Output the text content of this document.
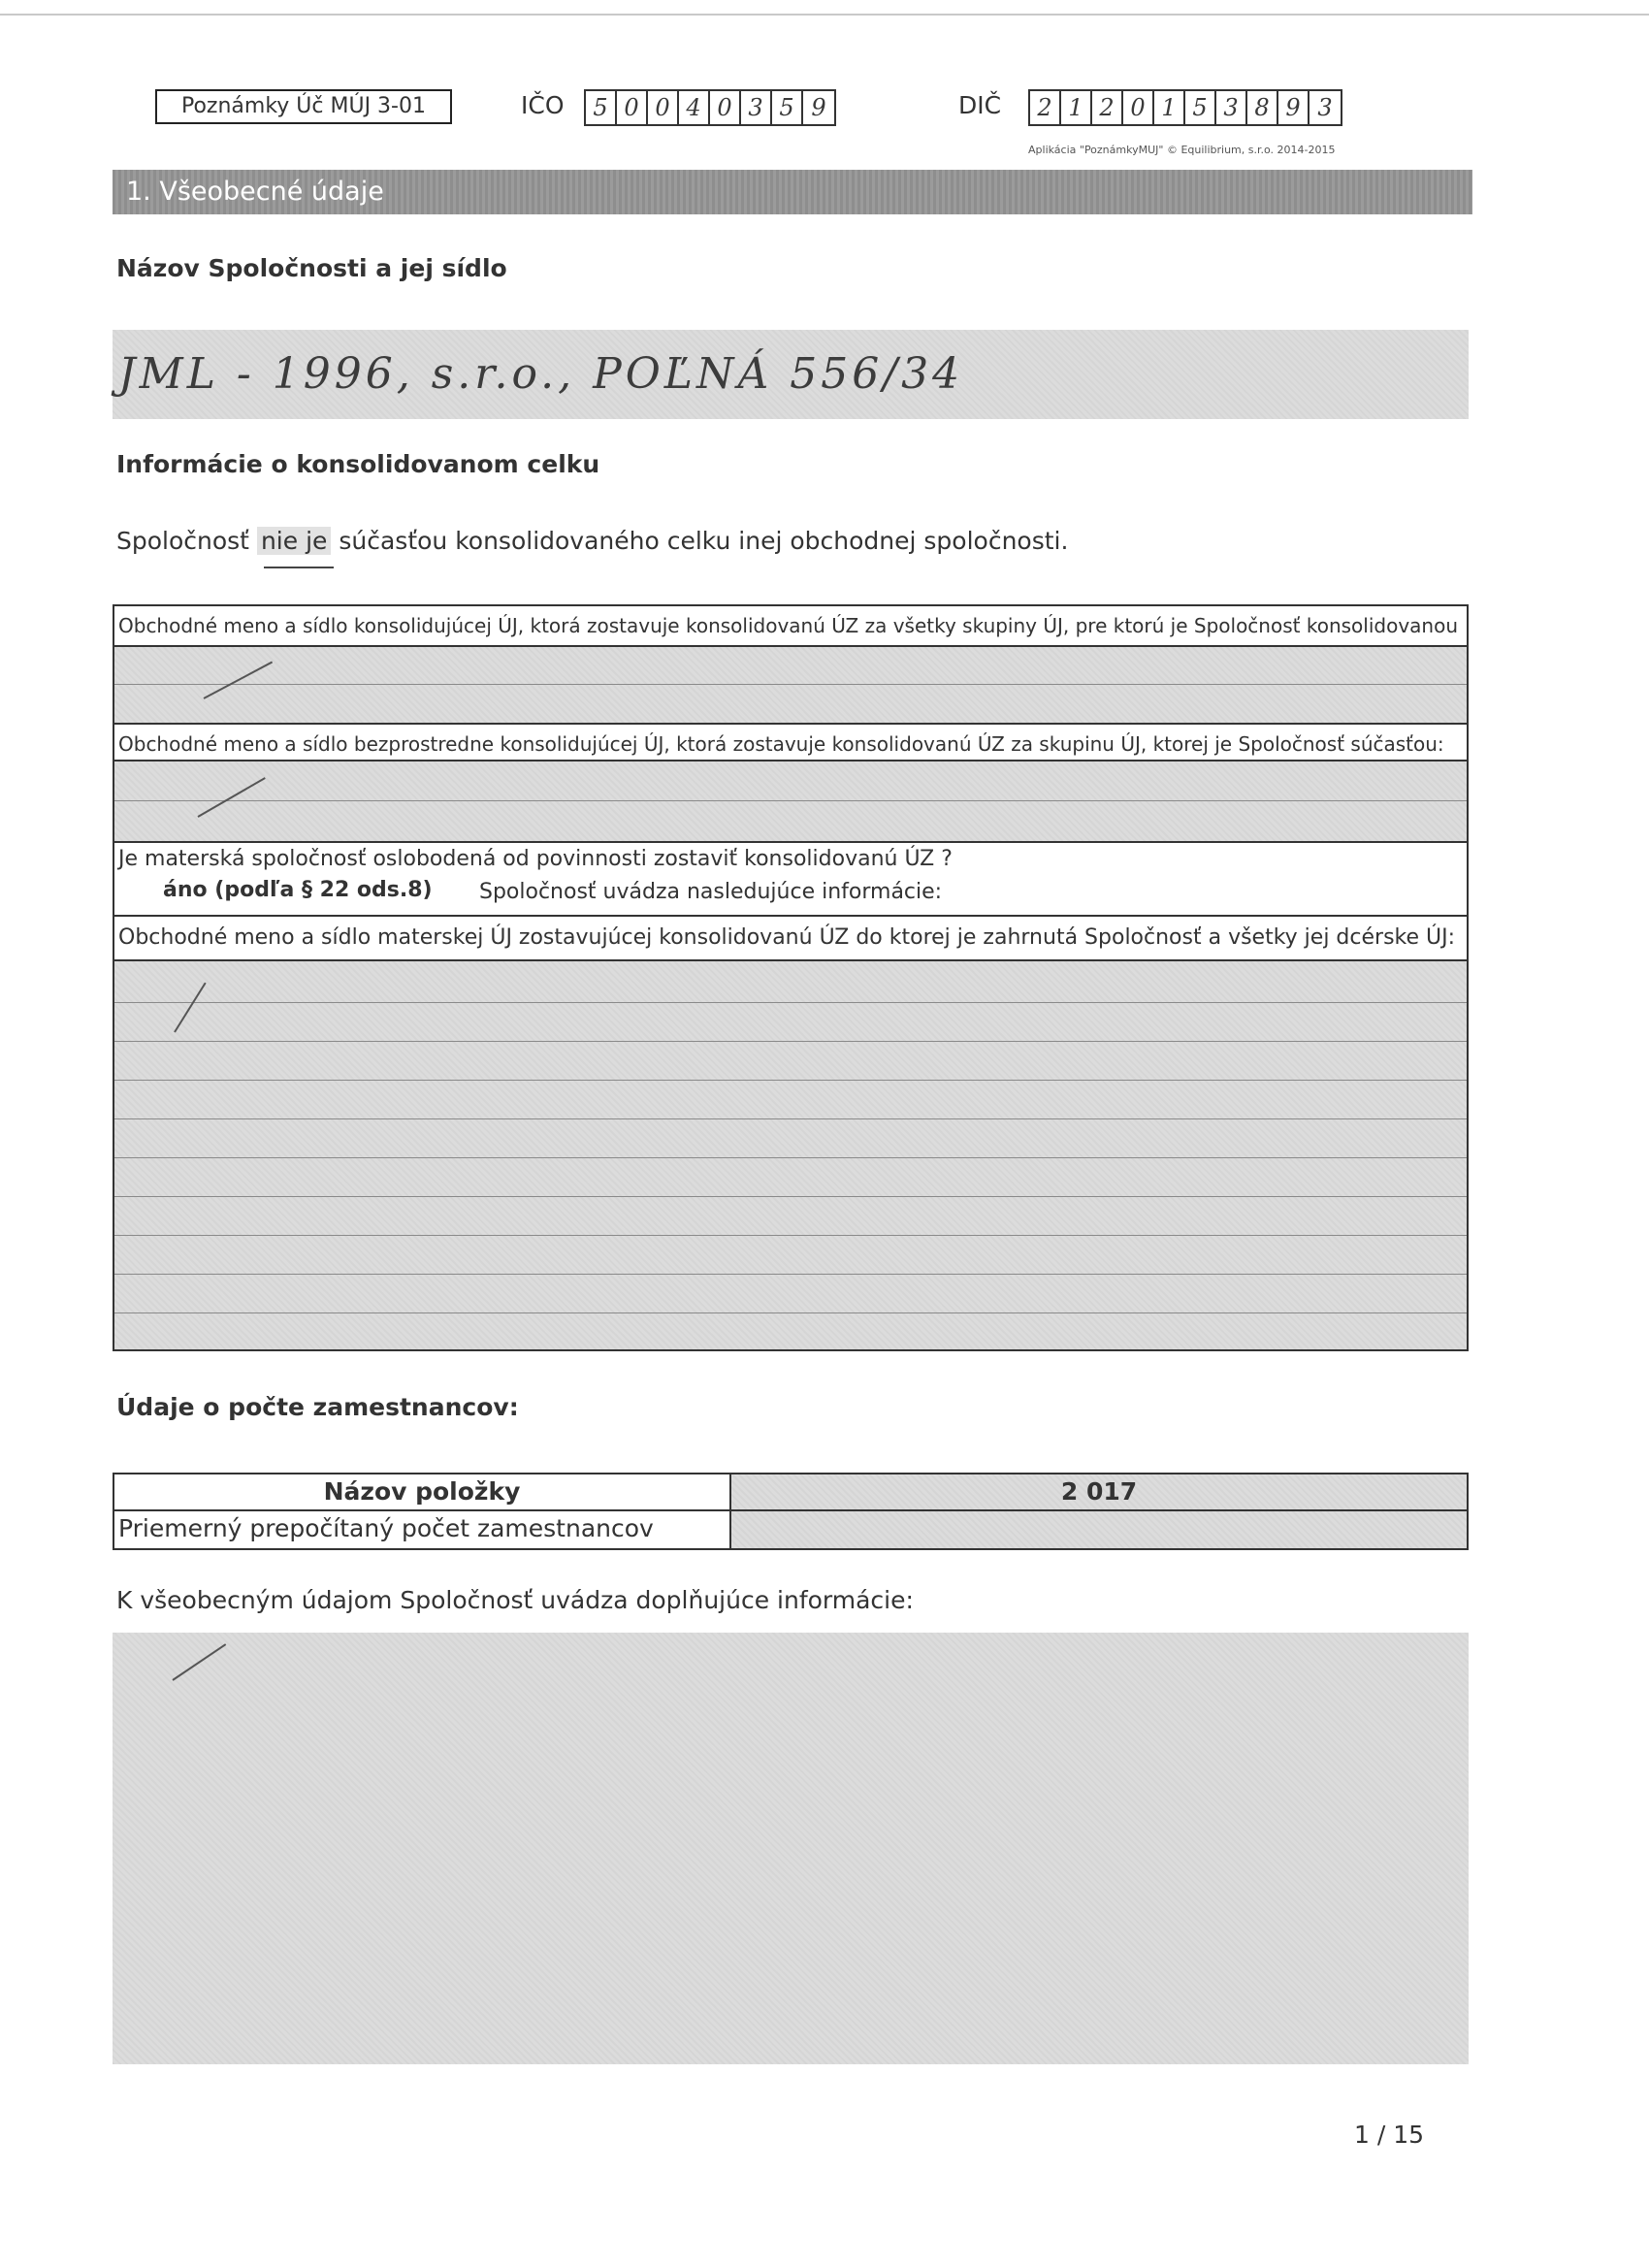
Poznámky Úč MÚJ 3-01	IČO	5 0 0 4 0 3 5 9	DIČ	2 1 2 0 1 5 3 8 9 3
Aplikácia "PoznámkyMUJ" © Equilibrium, s.r.o. 2014-2015
1. Všeobecné údaje
Názov Spoločnosti a jej sídlo
JML - 1996, s.r.o., POĽNÁ 556/34
Informácie o konsolidovanom celku
Spoločnosť nie je súčasťou konsolidovaného celku inej obchodnej spoločnosti.
Obchodné meno a sídlo konsolidujúcej ÚJ, ktorá zostavuje konsolidovanú ÚZ za všetky skupiny ÚJ, pre ktorú je Spoločnosť konsolidovanou
Obchodné meno a sídlo bezprostredne konsolidujúcej ÚJ, ktorá zostavuje konsolidovanú ÚZ za skupinu ÚJ, ktorej je Spoločnosť súčasťou:
Je materská spoločnosť oslobodená od povinnosti zostaviť konsolidovanú ÚZ ?
áno (podľa § 22 ods.8) Spoločnosť uvádza nasledujúce informácie:
Obchodné meno a sídlo materskej ÚJ zostavujúcej konsolidovanú ÚZ do ktorej je zahrnutá Spoločnosť a všetky jej dcérske ÚJ:
Údaje o počte zamestnancov:
Názov položky	2 017
Priemerný prepočítaný počet zamestnancov
K všeobecným údajom Spoločnosť uvádza doplňujúce informácie:
1 / 15
